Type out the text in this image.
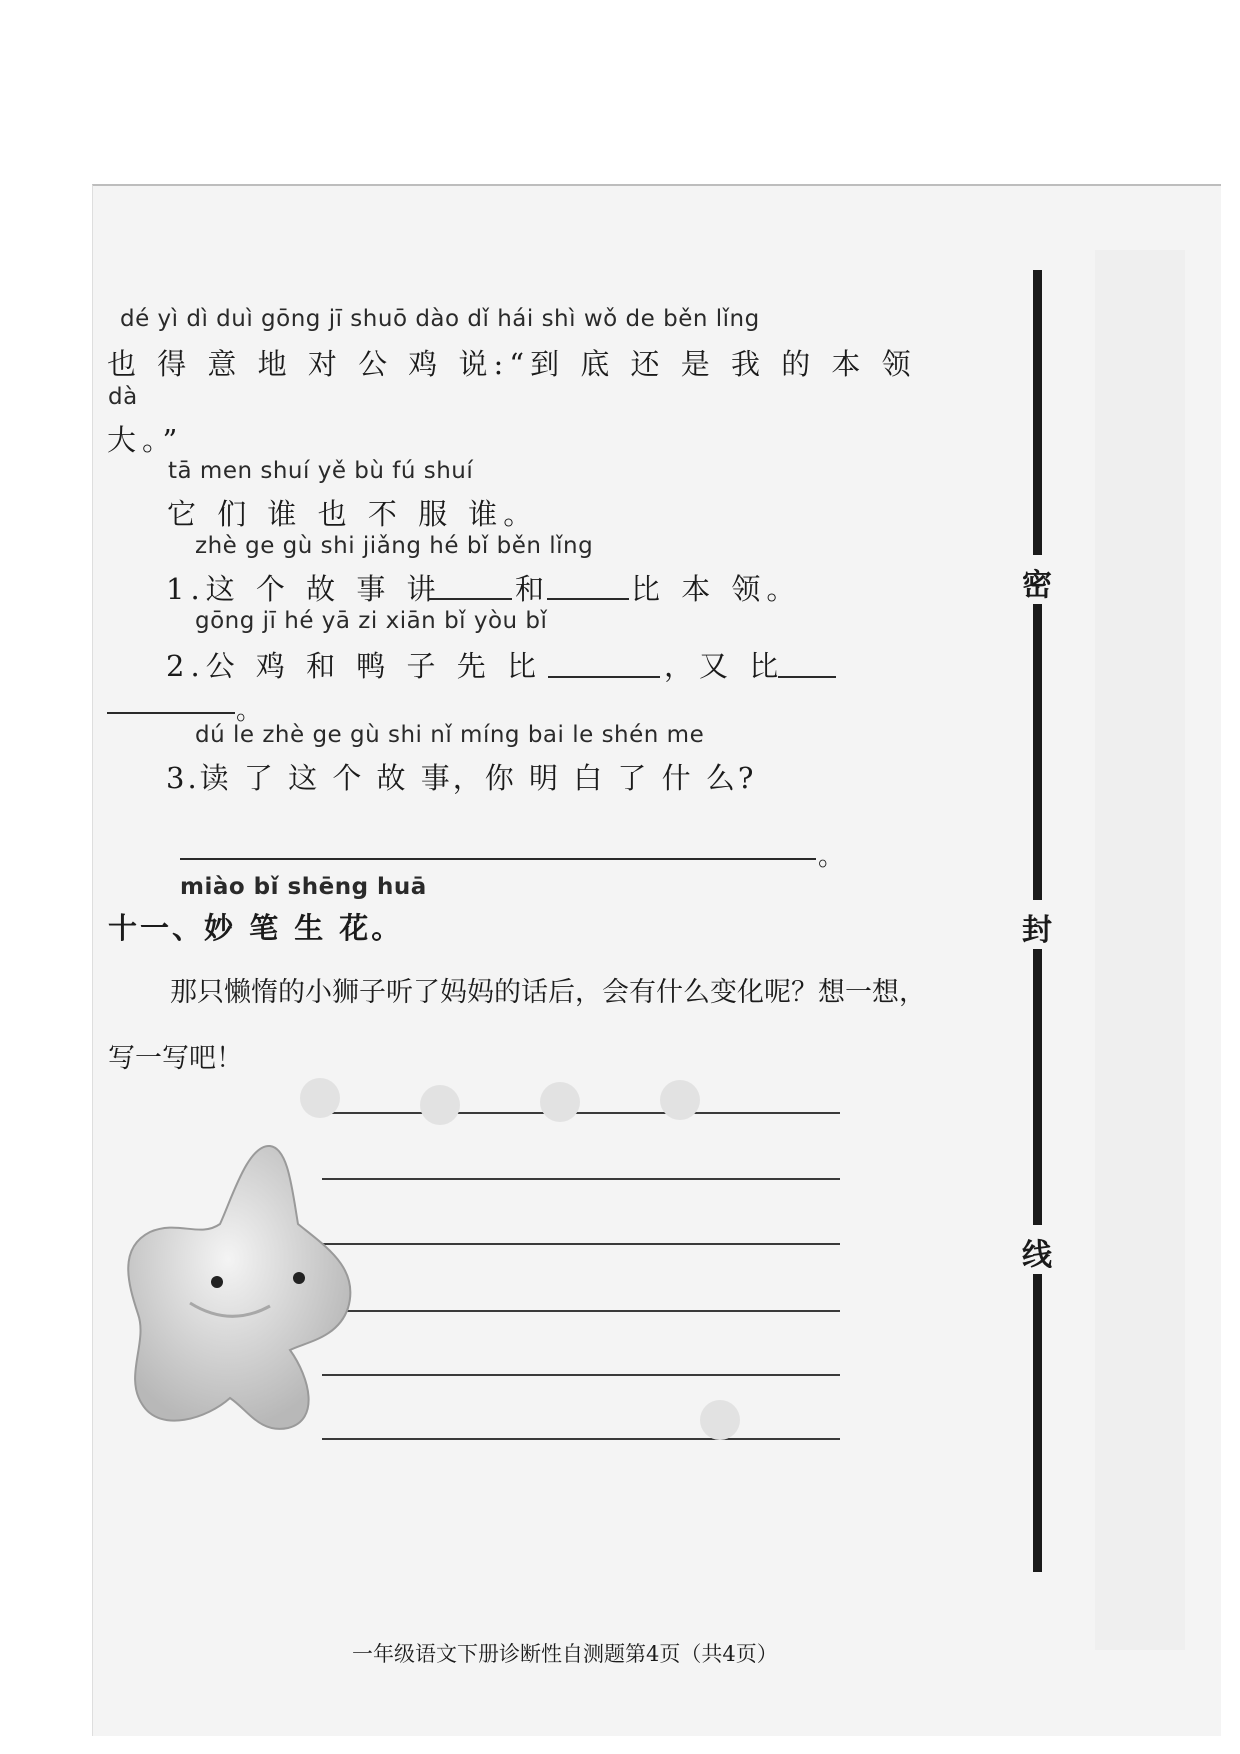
密
封
线
dé yì dì duì gōng jī shuō dào dǐ hái shì wǒ de běn lǐng
也 得 意 地 对 公 鸡 说:“到 底 还 是 我 的 本 领
dà
大。”
tā men shuí yě bù fú shuí
它 们 谁 也 不 服 谁。
zhè ge gù shi jiǎng hé bǐ běn lǐng
1.这 个 故 事 讲	和	比 本 领。
gōng jī hé yā zi xiān bǐ yòu bǐ
2.公 鸡 和 鸭 子 先 比	，又 比
。
dú le zhè ge gù shi nǐ míng bai le shén me
3.读 了 这 个 故 事，你 明 白 了 什 么?
。
miào bǐ shēng huā
十一、妙 笔 生 花。
那只懒惰的小狮子听了妈妈的话后，会有什么变化呢？想一想，
写一写吧！
一年级语文下册诊断性自测题第4页（共4页）
